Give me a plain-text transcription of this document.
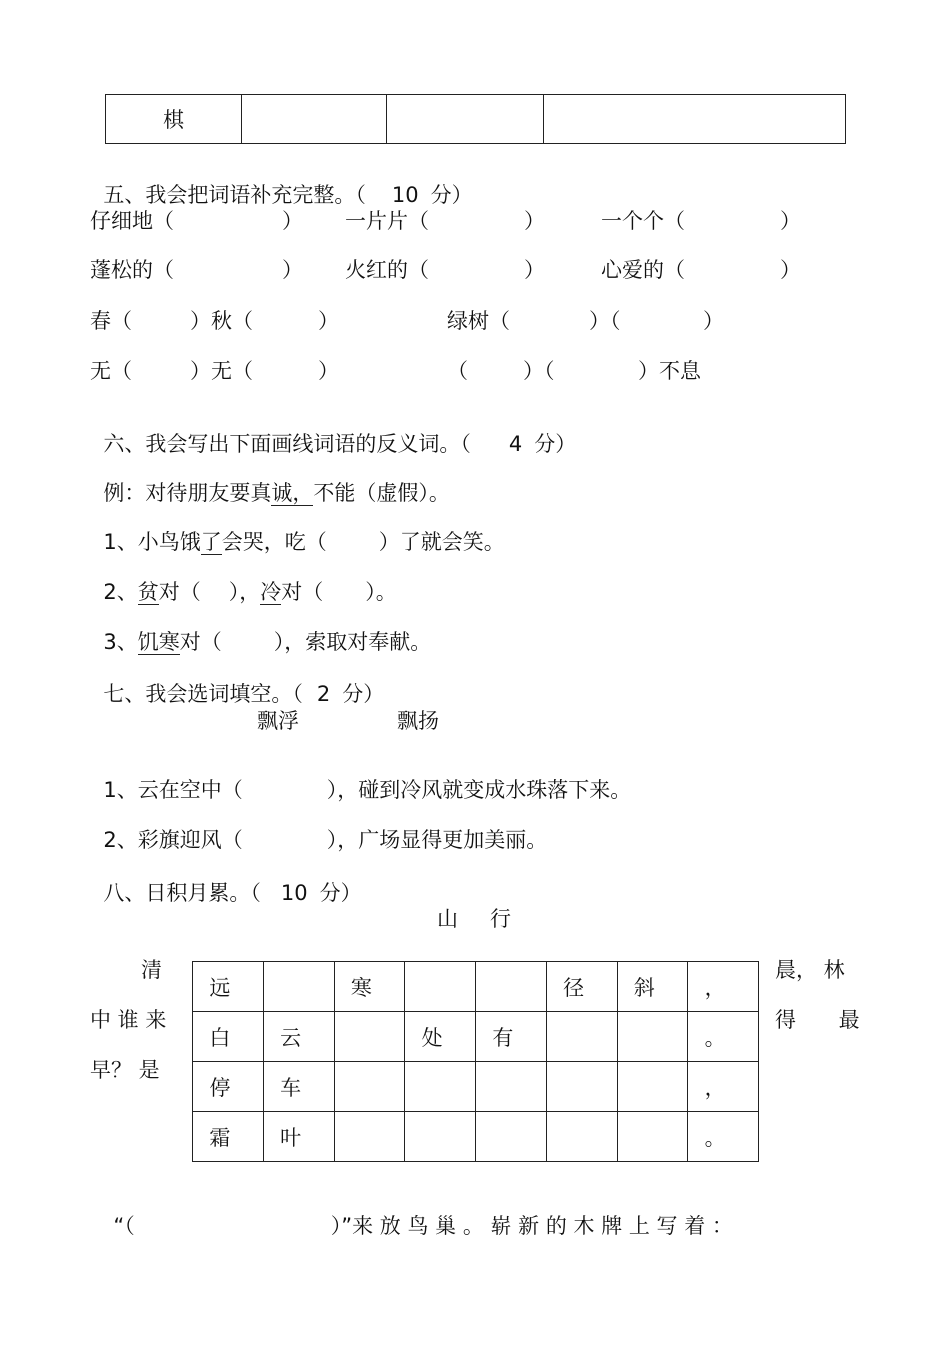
棋			

五、我会把词语补充完整。（ 10 分）

仔细地（	） 一片片（	）	一个个（	）
蓬松的（	） 火红的（	）	心爱的（	）
春（	）秋（	）	绿树（	）（	）
无（	）无（	）	（	）（	）不息

六、我会写出下面画线词语的反义词。（ 4 分）

例：对待朋友要真诚，不能（虚假）。

1、小鸟饿了会哭，吃（ ）了就会笑。

2、贫对（ ），冷对（ ）。

3、饥寒对（ ），索取对奉献。

七、我会选词填空。（ 2 分）

飘浮	飘扬

1、云在空中（	），碰到冷风就变成水珠落下来。

2、彩旗迎风（	），广场显得更加美丽。

八、日积月累。（ 10 分）

山 行
清
中 谁 来
早？ 是
晨， 林
得 最
远		寒			径	斜	，
白	云		处	有			。
停	车						，
霜	叶						。

“（	）”来 放 鸟 巢 。 崭 新 的 木 牌 上 写 着 ：
